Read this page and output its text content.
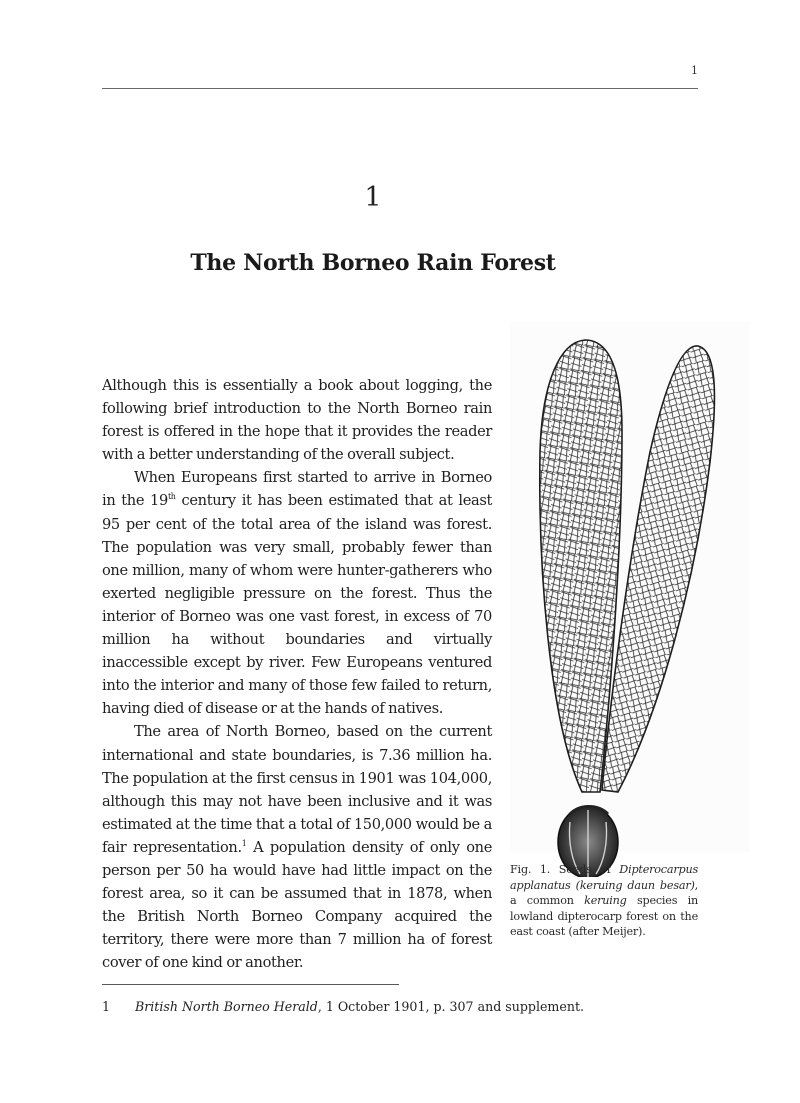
1
1
The North Borneo Rain Forest

Although this is essentially a book about logging, the following brief introduction to the North Borneo rain forest is offered in the hope that it provides the reader with a better understanding of the overall subject.

When Europeans first started to arrive in Borneo in the 19th century it has been estimated that at least 95 per cent of the total area of the island was forest. The population was very small, probably fewer than one million, many of whom were hunter-gatherers who exerted negligible pressure on the forest. Thus the interior of Borneo was one vast forest, in excess of 70 million ha without boundaries and virtually inaccessible except by river. Few Europeans ventured into the interior and many of those few failed to return, having died of disease or at the hands of natives.

The area of North Borneo, based on the current international and state boundaries, is 7.36 million ha. The population at the first census in 1901 was 104,000, although this may not have been inclusive and it was estimated at the time that a total of 150,000 would be a fair representation.$^1$ A population density of only one person per 50 ha would have had little impact on the forest area, so it can be assumed that in 1878, when the British North Borneo Company acquired the territory, there were more than 7 million ha of forest cover of one kind or another.

Fig. 1. Seeds of Dipterocarpus applanatus (keruing daun besar), a common keruing species in lowland dipterocarp forest on the east coast (after Meijer).
1 British North Borneo Herald, 1 October 1901, p. 307 and supplement.
